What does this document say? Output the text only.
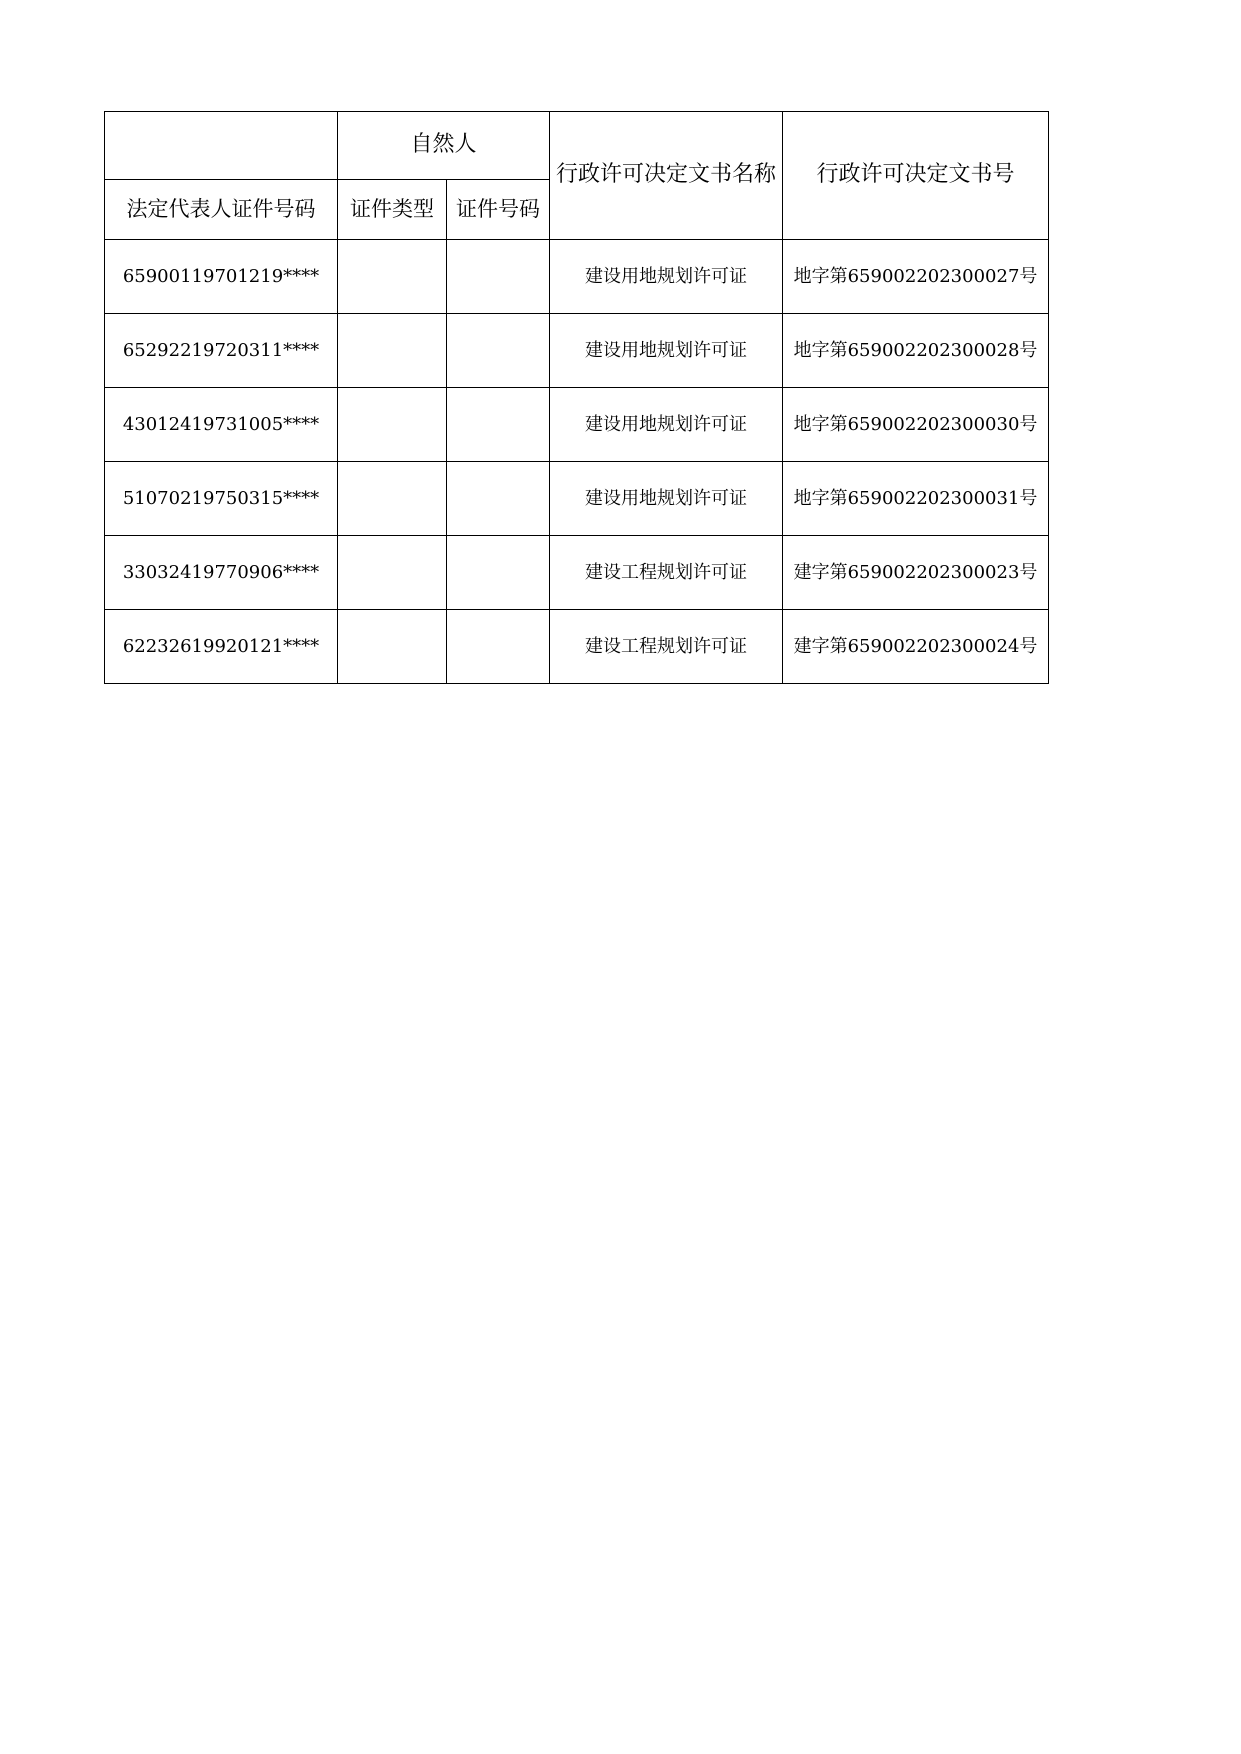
	自然人		行政许可决定文书名称	行政许可决定文书号
法定代表人证件号码	证件类型	证件号码		
65900119701219****			建设用地规划许可证	地字第659002202300027号
65292219720311****			建设用地规划许可证	地字第659002202300028号
43012419731005****			建设用地规划许可证	地字第659002202300030号
51070219750315****			建设用地规划许可证	地字第659002202300031号
33032419770906****			建设工程规划许可证	建字第659002202300023号
62232619920121****			建设工程规划许可证	建字第659002202300024号
